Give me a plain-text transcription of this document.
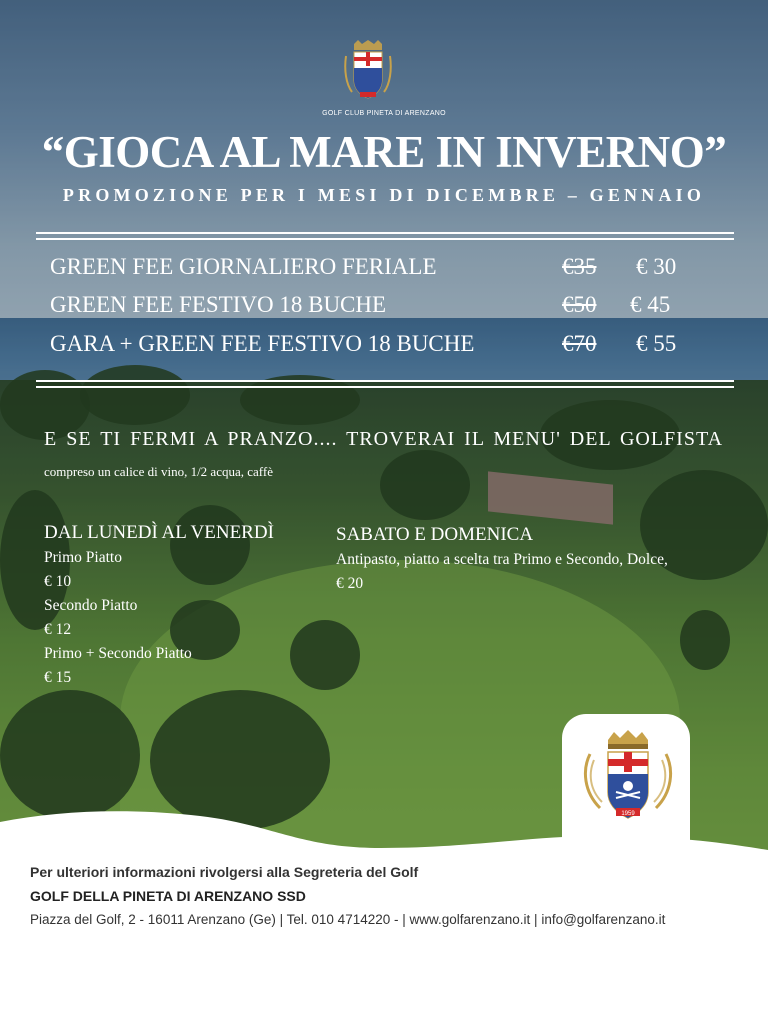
GOLF CLUB PINETA DI ARENZANO
“GIOCA AL MARE IN INVERNO”
PROMOZIONE PER I MESI DI DICEMBRE – GENNAIO
GREEN FEE GIORNALIERO FERIALE	€35 € 30
GREEN FEE FESTIVO 18 BUCHE	€50 € 45
GARA + GREEN FEE FESTIVO 18 BUCHE	€70 € 55
E SE TI FERMI A PRANZO.... TROVERAI IL MENU' DEL GOLFISTA
compreso un calice di vino, 1/2 acqua, caffè
DAL LUNEDÌ AL VENERDÌ
Primo Piatto
€ 10
Secondo Piatto
€ 12
Primo + Secondo Piatto
€ 15
SABATO E DOMENICA
Antipasto, piatto a scelta tra Primo e Secondo, Dolce,
€ 20
1959
Per ulteriori informazioni rivolgersi alla Segreteria del Golf
GOLF DELLA PINETA DI ARENZANO SSD
Piazza del Golf, 2 - 16011 Arenzano (Ge) | Tel. 010 4714220 - | www.golfarenzano.it | info@golfarenzano.it
